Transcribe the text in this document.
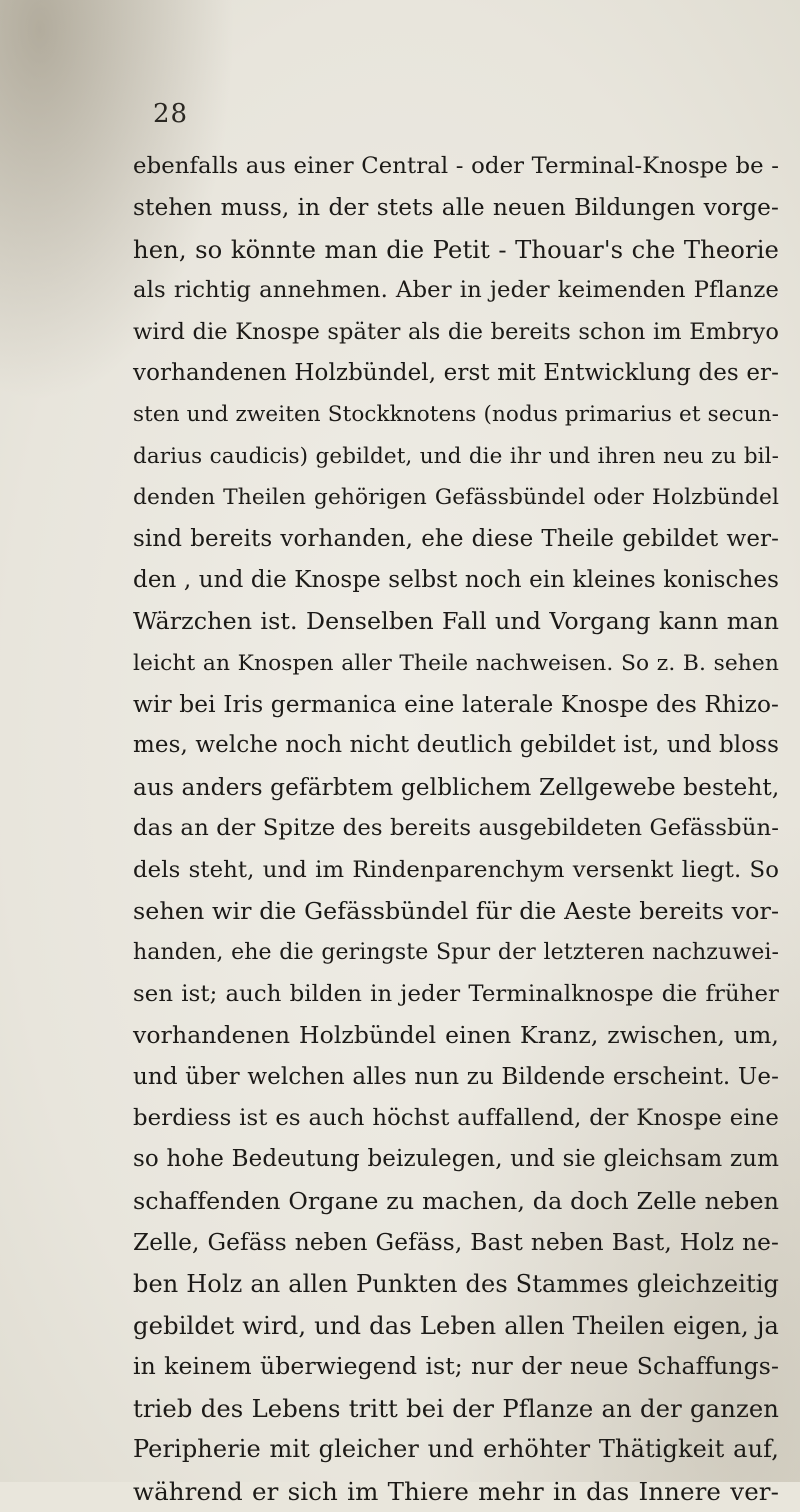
28
ebenfalls aus einer Central - oder Terminal-Knospe be -
stehen muss, in der stets alle neuen Bildungen vorge-
hen, so könnte man die Petit - Thouar's che Theorie
als richtig annehmen. Aber in jeder keimenden Pflanze
wird die Knospe später als die bereits schon im Embryo
vorhandenen Holzbündel, erst mit Entwicklung des er-
sten und zweiten Stockknotens (nodus primarius et secun-
darius caudicis) gebildet, und die ihr und ihren neu zu bil-
denden Theilen gehörigen Gefässbündel oder Holzbündel
sind bereits vorhanden, ehe diese Theile gebildet wer-
den , und die Knospe selbst noch ein kleines konisches
Wärzchen ist. Denselben Fall und Vorgang kann man
leicht an Knospen aller Theile nachweisen. So z. B. sehen
wir bei Iris germanica eine laterale Knospe des Rhizo-
mes, welche noch nicht deutlich gebildet ist, und bloss
aus anders gefärbtem gelblichem Zellgewebe besteht,
das an der Spitze des bereits ausgebildeten Gefässbün-
dels steht, und im Rindenparenchym versenkt liegt. So
sehen wir die Gefässbündel für die Aeste bereits vor-
handen, ehe die geringste Spur der letzteren nachzuwei-
sen ist; auch bilden in jeder Terminalknospe die früher
vorhandenen Holzbündel einen Kranz, zwischen, um,
und über welchen alles nun zu Bildende erscheint. Ue-
berdiess ist es auch höchst auffallend, der Knospe eine
so hohe Bedeutung beizulegen, und sie gleichsam zum
schaffenden Organe zu machen, da doch Zelle neben
Zelle, Gefäss neben Gefäss, Bast neben Bast, Holz ne-
ben Holz an allen Punkten des Stammes gleichzeitig
gebildet wird, und das Leben allen Theilen eigen, ja
in keinem überwiegend ist; nur der neue Schaffungs-
trieb des Lebens tritt bei der Pflanze an der ganzen
Peripherie mit gleicher und erhöhter Thätigkeit auf,
während er sich im Thiere mehr in das Innere ver-
